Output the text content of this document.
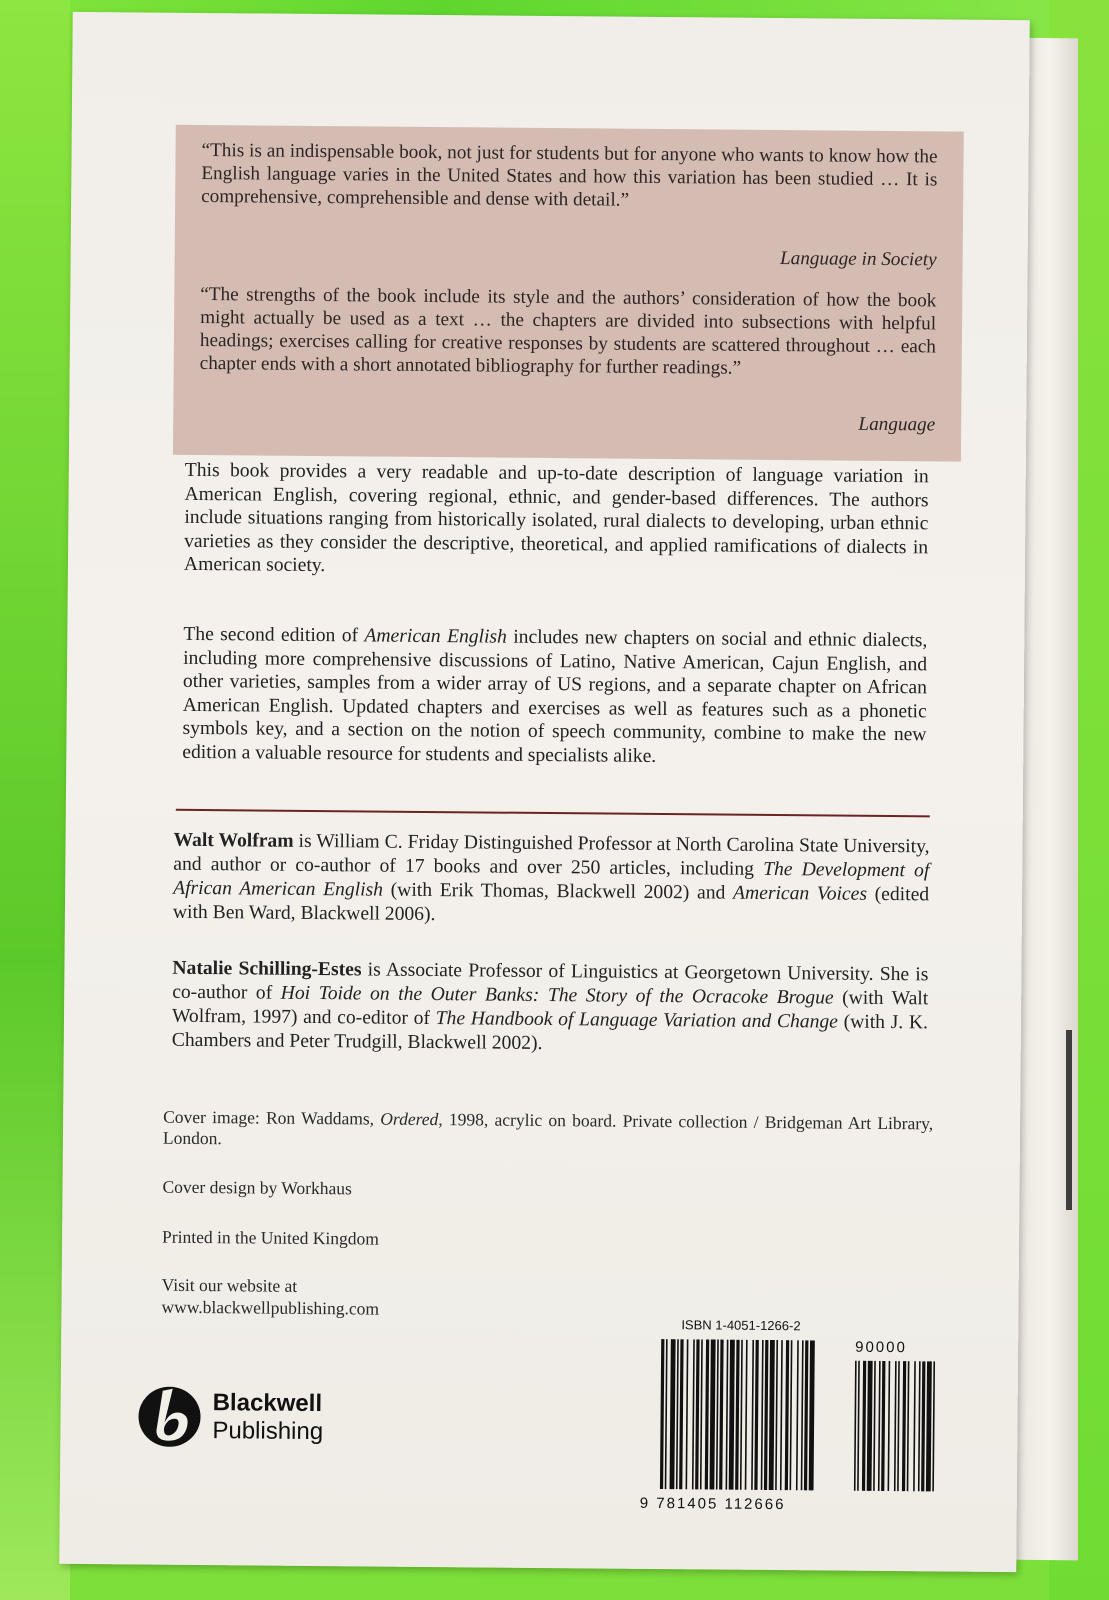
“This is an indispensable book, not just for students but for anyone who wants to know how the English language varies in the United States and how this variation has been studied … It is comprehensive, comprehensible and dense with detail.”
Language in Society
“The strengths of the book include its style and the authors’ consideration of how the book might actually be used as a text … the chapters are divided into subsections with helpful headings; exercises calling for creative responses by students are scattered throughout … each chapter ends with a short annotated bibliography for further readings.”
Language
This book provides a very readable and up-to-date description of language variation in American English, covering regional, ethnic, and gender-based differences. The authors include situations ranging from historically isolated, rural dialects to developing, urban ethnic varieties as they consider the descriptive, theoretical, and applied ramifications of dialects in American society.
The second edition of American English includes new chapters on social and ethnic dialects, including more comprehensive discussions of Latino, Native American, Cajun English, and other varieties, samples from a wider array of US regions, and a separate chapter on African American English. Updated chapters and exercises as well as features such as a phonetic symbols key, and a section on the notion of speech community, combine to make the new edition a valuable resource for students and specialists alike.
Walt Wolfram is William C. Friday Distinguished Professor at North Carolina State University, and author or co-author of 17 books and over 250 articles, including The Development of African American English (with Erik Thomas, Blackwell 2002) and American Voices (edited with Ben Ward, Blackwell 2006).
Natalie Schilling-Estes is Associate Professor of Linguistics at Georgetown University. She is co-author of Hoi Toide on the Outer Banks: The Story of the Ocracoke Brogue (with Walt Wolfram, 1997) and co-editor of The Handbook of Language Variation and Change (with J. K. Chambers and Peter Trudgill, Blackwell 2002).
Cover image: Ron Waddams, Ordered, 1998, acrylic on board. Private collection / Bridgeman Art Library, London.
Cover design by Workhaus
Printed in the United Kingdom
Visit our website at
www.blackwellpublishing.com
Blackwell
Publishing
ISBN 1-4051-1266-2
90000
9 781405 112666
